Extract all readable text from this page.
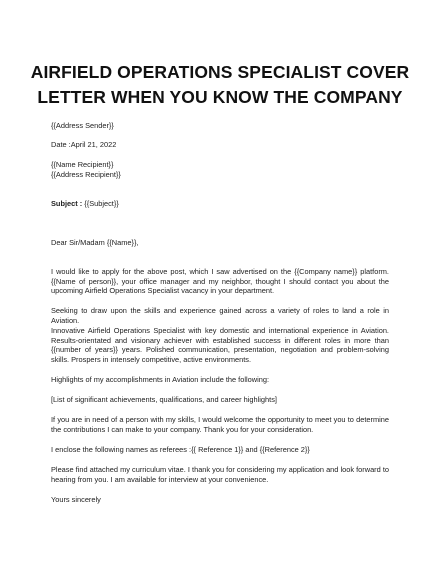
AIRFIELD OPERATIONS SPECIALIST COVER LETTER WHEN YOU KNOW THE COMPANY

{{Address Sender}}

Date :April 21, 2022

{{Name Recipient}}

{{Address Recipient}}

Subject : {{Subject}}

Dear Sir/Madam {{Name}},

I would like to apply for the above post, which I saw advertised on the {{Company name}} platform. {{Name of person}}, your office manager and my neighbor, thought I should contact you about the upcoming Airfield Operations Specialist vacancy in your department.

Seeking to draw upon the skills and experience gained across a variety of roles to land a role in Aviation.

Innovative Airfield Operations Specialist with key domestic and international experience in Aviation. Results-orientated and visionary achiever with established success in different roles in more than {{number of years}} years. Polished communication, presentation, negotiation and problem-solving skills. Prospers in intensely competitive, active environments.

Highlights of my accomplishments in Aviation include the following:

[List of significant achievements, qualifications, and career highlights]

If you are in need of a person with my skills, I would welcome the opportunity to meet you to determine the contributions I can make to your company. Thank you for your consideration.

I enclose the following names as referees :{{ Reference 1}} and {{Reference 2}}

Please find attached my curriculum vitae. I thank you for considering my application and look forward to hearing from you. I am available for interview at your convenience.

Yours sincerely
